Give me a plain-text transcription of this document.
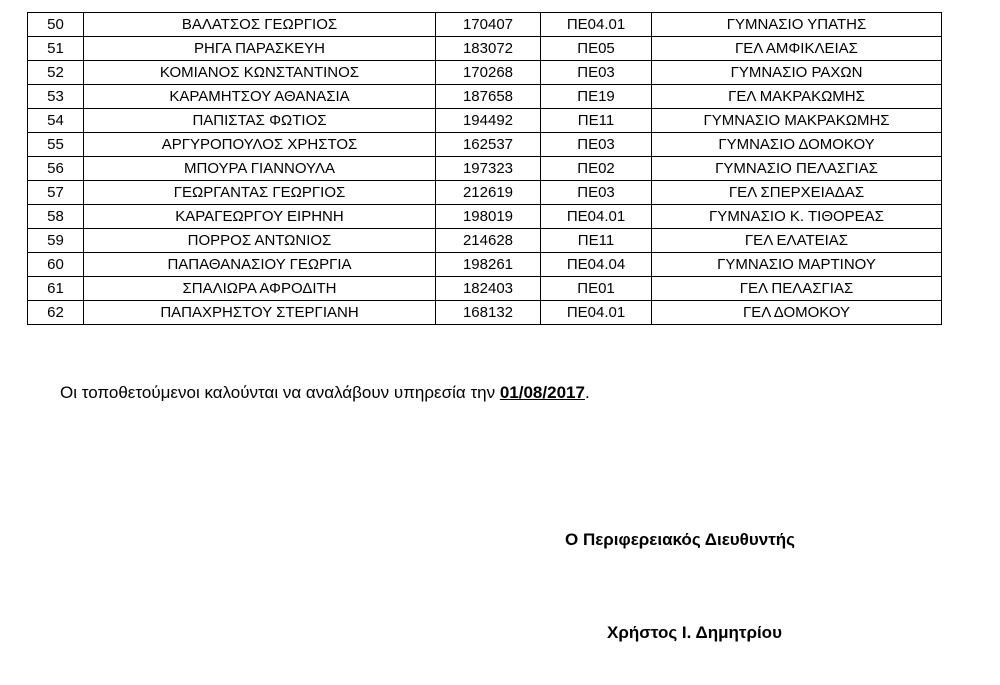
50	ΒΑΛΑΤΣΟΣ ΓΕΩΡΓΙΟΣ	170407	ΠΕ04.01	ΓΥΜΝΑΣΙΟ ΥΠΑΤΗΣ
51	ΡΗΓΑ ΠΑΡΑΣΚΕΥΗ	183072	ΠΕ05	ΓΕΛ ΑΜΦΙΚΛΕΙΑΣ
52	ΚΟΜΙΑΝΟΣ ΚΩΝΣΤΑΝΤΙΝΟΣ	170268	ΠΕ03	ΓΥΜΝΑΣΙΟ ΡΑΧΩΝ
53	ΚΑΡΑΜΗΤΣΟΥ ΑΘΑΝΑΣΙΑ	187658	ΠΕ19	ΓΕΛ ΜΑΚΡΑΚΩΜΗΣ
54	ΠΑΠΙΣΤΑΣ ΦΩΤΙΟΣ	194492	ΠΕ11	ΓΥΜΝΑΣΙΟ ΜΑΚΡΑΚΩΜΗΣ
55	ΑΡΓΥΡΟΠΟΥΛΟΣ ΧΡΗΣΤΟΣ	162537	ΠΕ03	ΓΥΜΝΑΣΙΟ ΔΟΜΟΚΟΥ
56	ΜΠΟΥΡΑ ΓΙΑΝΝΟΥΛΑ	197323	ΠΕ02	ΓΥΜΝΑΣΙΟ ΠΕΛΑΣΓΙΑΣ
57	ΓΕΩΡΓΑΝΤΑΣ ΓΕΩΡΓΙΟΣ	212619	ΠΕ03	ΓΕΛ ΣΠΕΡΧΕΙΑΔΑΣ
58	ΚΑΡΑΓΕΩΡΓΟΥ ΕΙΡΗΝΗ	198019	ΠΕ04.01	ΓΥΜΝΑΣΙΟ Κ. ΤΙΘΟΡΕΑΣ
59	ΠΟΡΡΟΣ ΑΝΤΩΝΙΟΣ	214628	ΠΕ11	ΓΕΛ ΕΛΑΤΕΙΑΣ
60	ΠΑΠΑΘΑΝΑΣΙΟΥ ΓΕΩΡΓΙΑ	198261	ΠΕ04.04	ΓΥΜΝΑΣΙΟ ΜΑΡΤΙΝΟΥ
61	ΣΠΑΛΙΩΡΑ ΑΦΡΟΔΙΤΗ	182403	ΠΕ01	ΓΕΛ ΠΕΛΑΣΓΙΑΣ
62	ΠΑΠΑΧΡΗΣΤΟΥ ΣΤΕΡΓΙΑΝΗ	168132	ΠΕ04.01	ΓΕΛ ΔΟΜΟΚΟΥ
Οι τοποθετούμενοι καλούνται να αναλάβουν υπηρεσία την 01/08/2017.
Ο Περιφερειακός Διευθυντής
Χρήστος Ι. Δημητρίου
